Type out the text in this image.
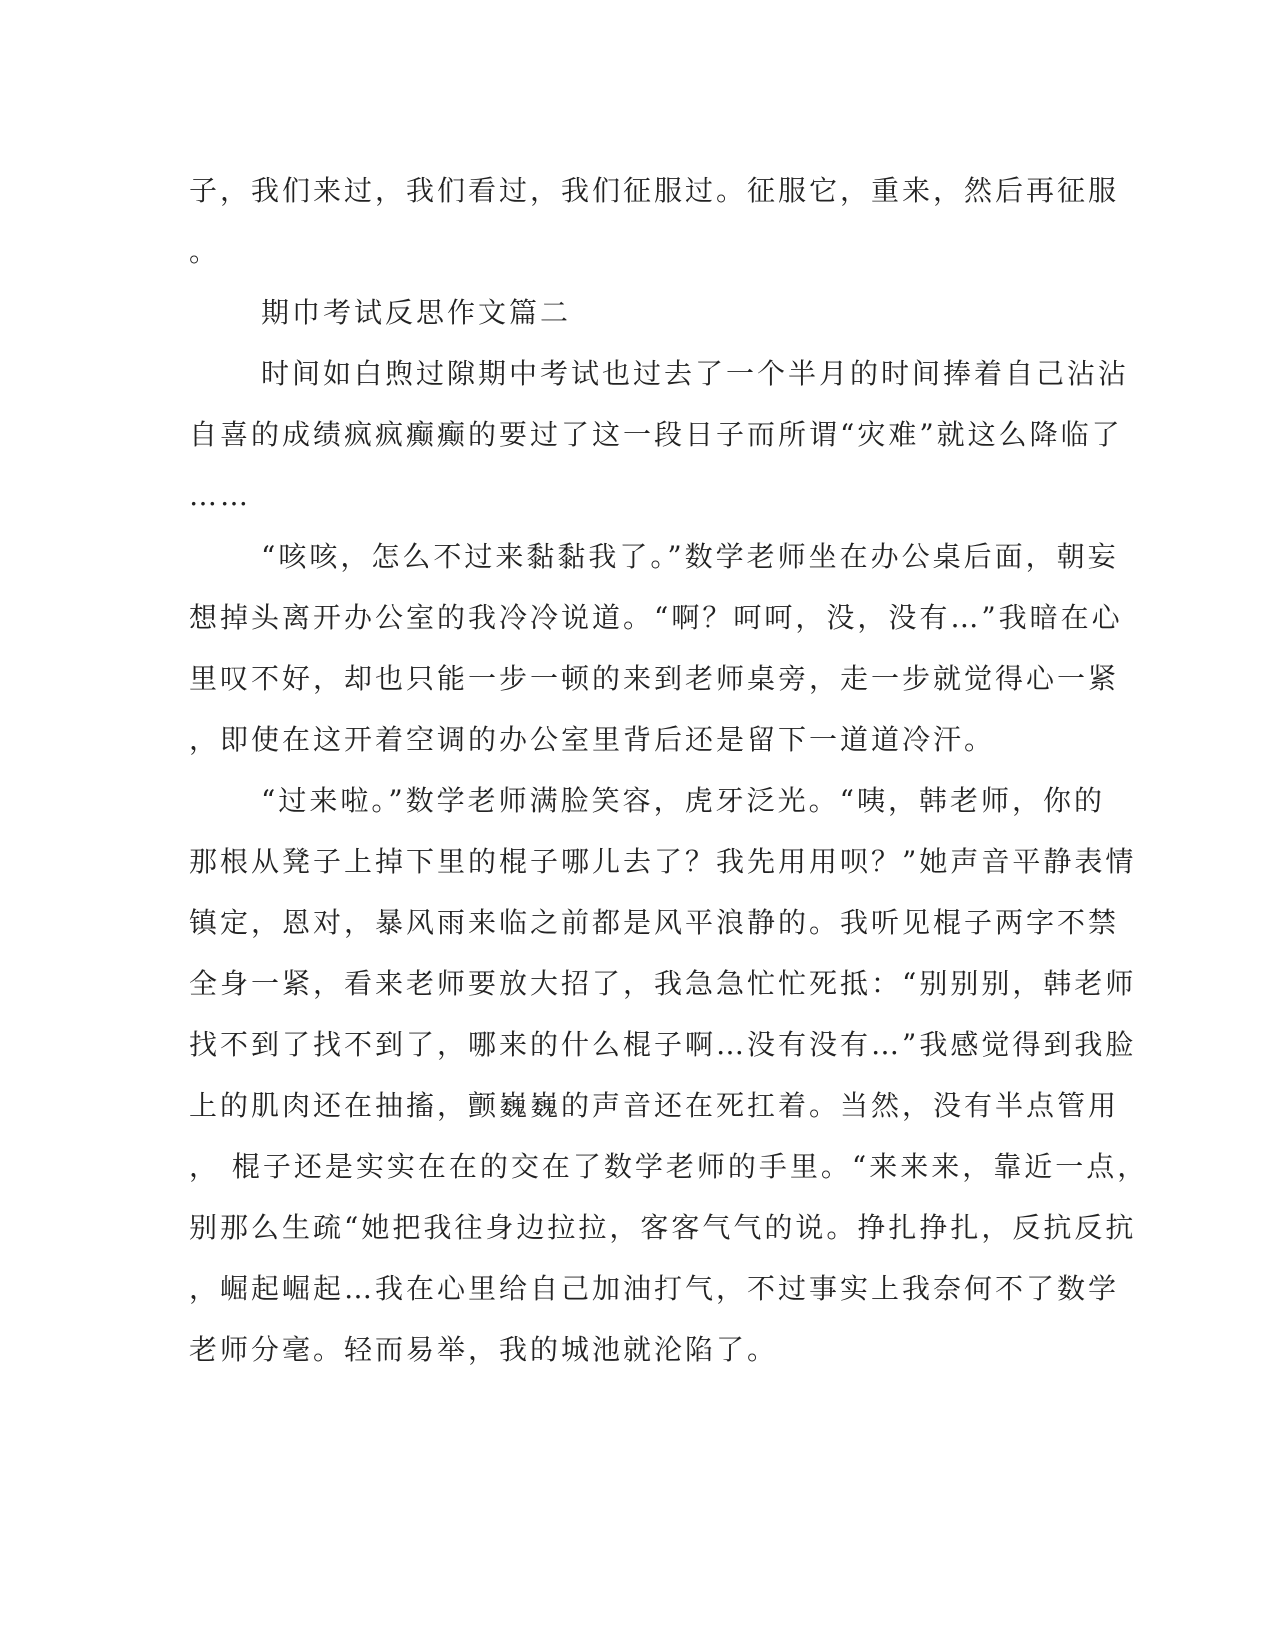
子，我们来过，我们看过，我们征服过。征服它，重来，然后再征服
。
期巾考试反思作文篇二
时间如白煦过隙期中考试也过去了一个半月的时间捧着自己沾沾
自喜的成绩疯疯癫癫的要过了这一段日子而所谓“灾难”就这么降临了
……
“咳咳，怎么不过来黏黏我了。”数学老师坐在办公桌后面，朝妄
想掉头离开办公室的我冷冷说道。“啊？呵呵，没，没有…”我暗在心
里叹不好，却也只能一步一顿的来到老师桌旁，走一步就觉得心一紧
，即使在这开着空调的办公室里背后还是留下一道道冷汗。
“过来啦。”数学老师满脸笑容，虎牙泛光。“咦，韩老师，你的
那根从凳子上掉下里的棍子哪儿去了？我先用用呗？”她声音平静表情
镇定，恩对，暴风雨来临之前都是风平浪静的。我听见棍子两字不禁
全身一紧，看来老师要放大招了，我急急忙忙死抵：“别别别，韩老师
找不到了找不到了，哪来的什么棍子啊…没有没有…”我感觉得到我脸
上的肌肉还在抽搐，颤巍巍的声音还在死扛着。当然，没有半点管用
， 棍子还是实实在在的交在了数学老师的手里。“来来来，靠近一点，
别那么生疏“她把我往身边拉拉，客客气气的说。挣扎挣扎，反抗反抗
，崛起崛起…我在心里给自己加油打气，不过事实上我奈何不了数学
老师分毫。轻而易举，我的城池就沦陷了。
